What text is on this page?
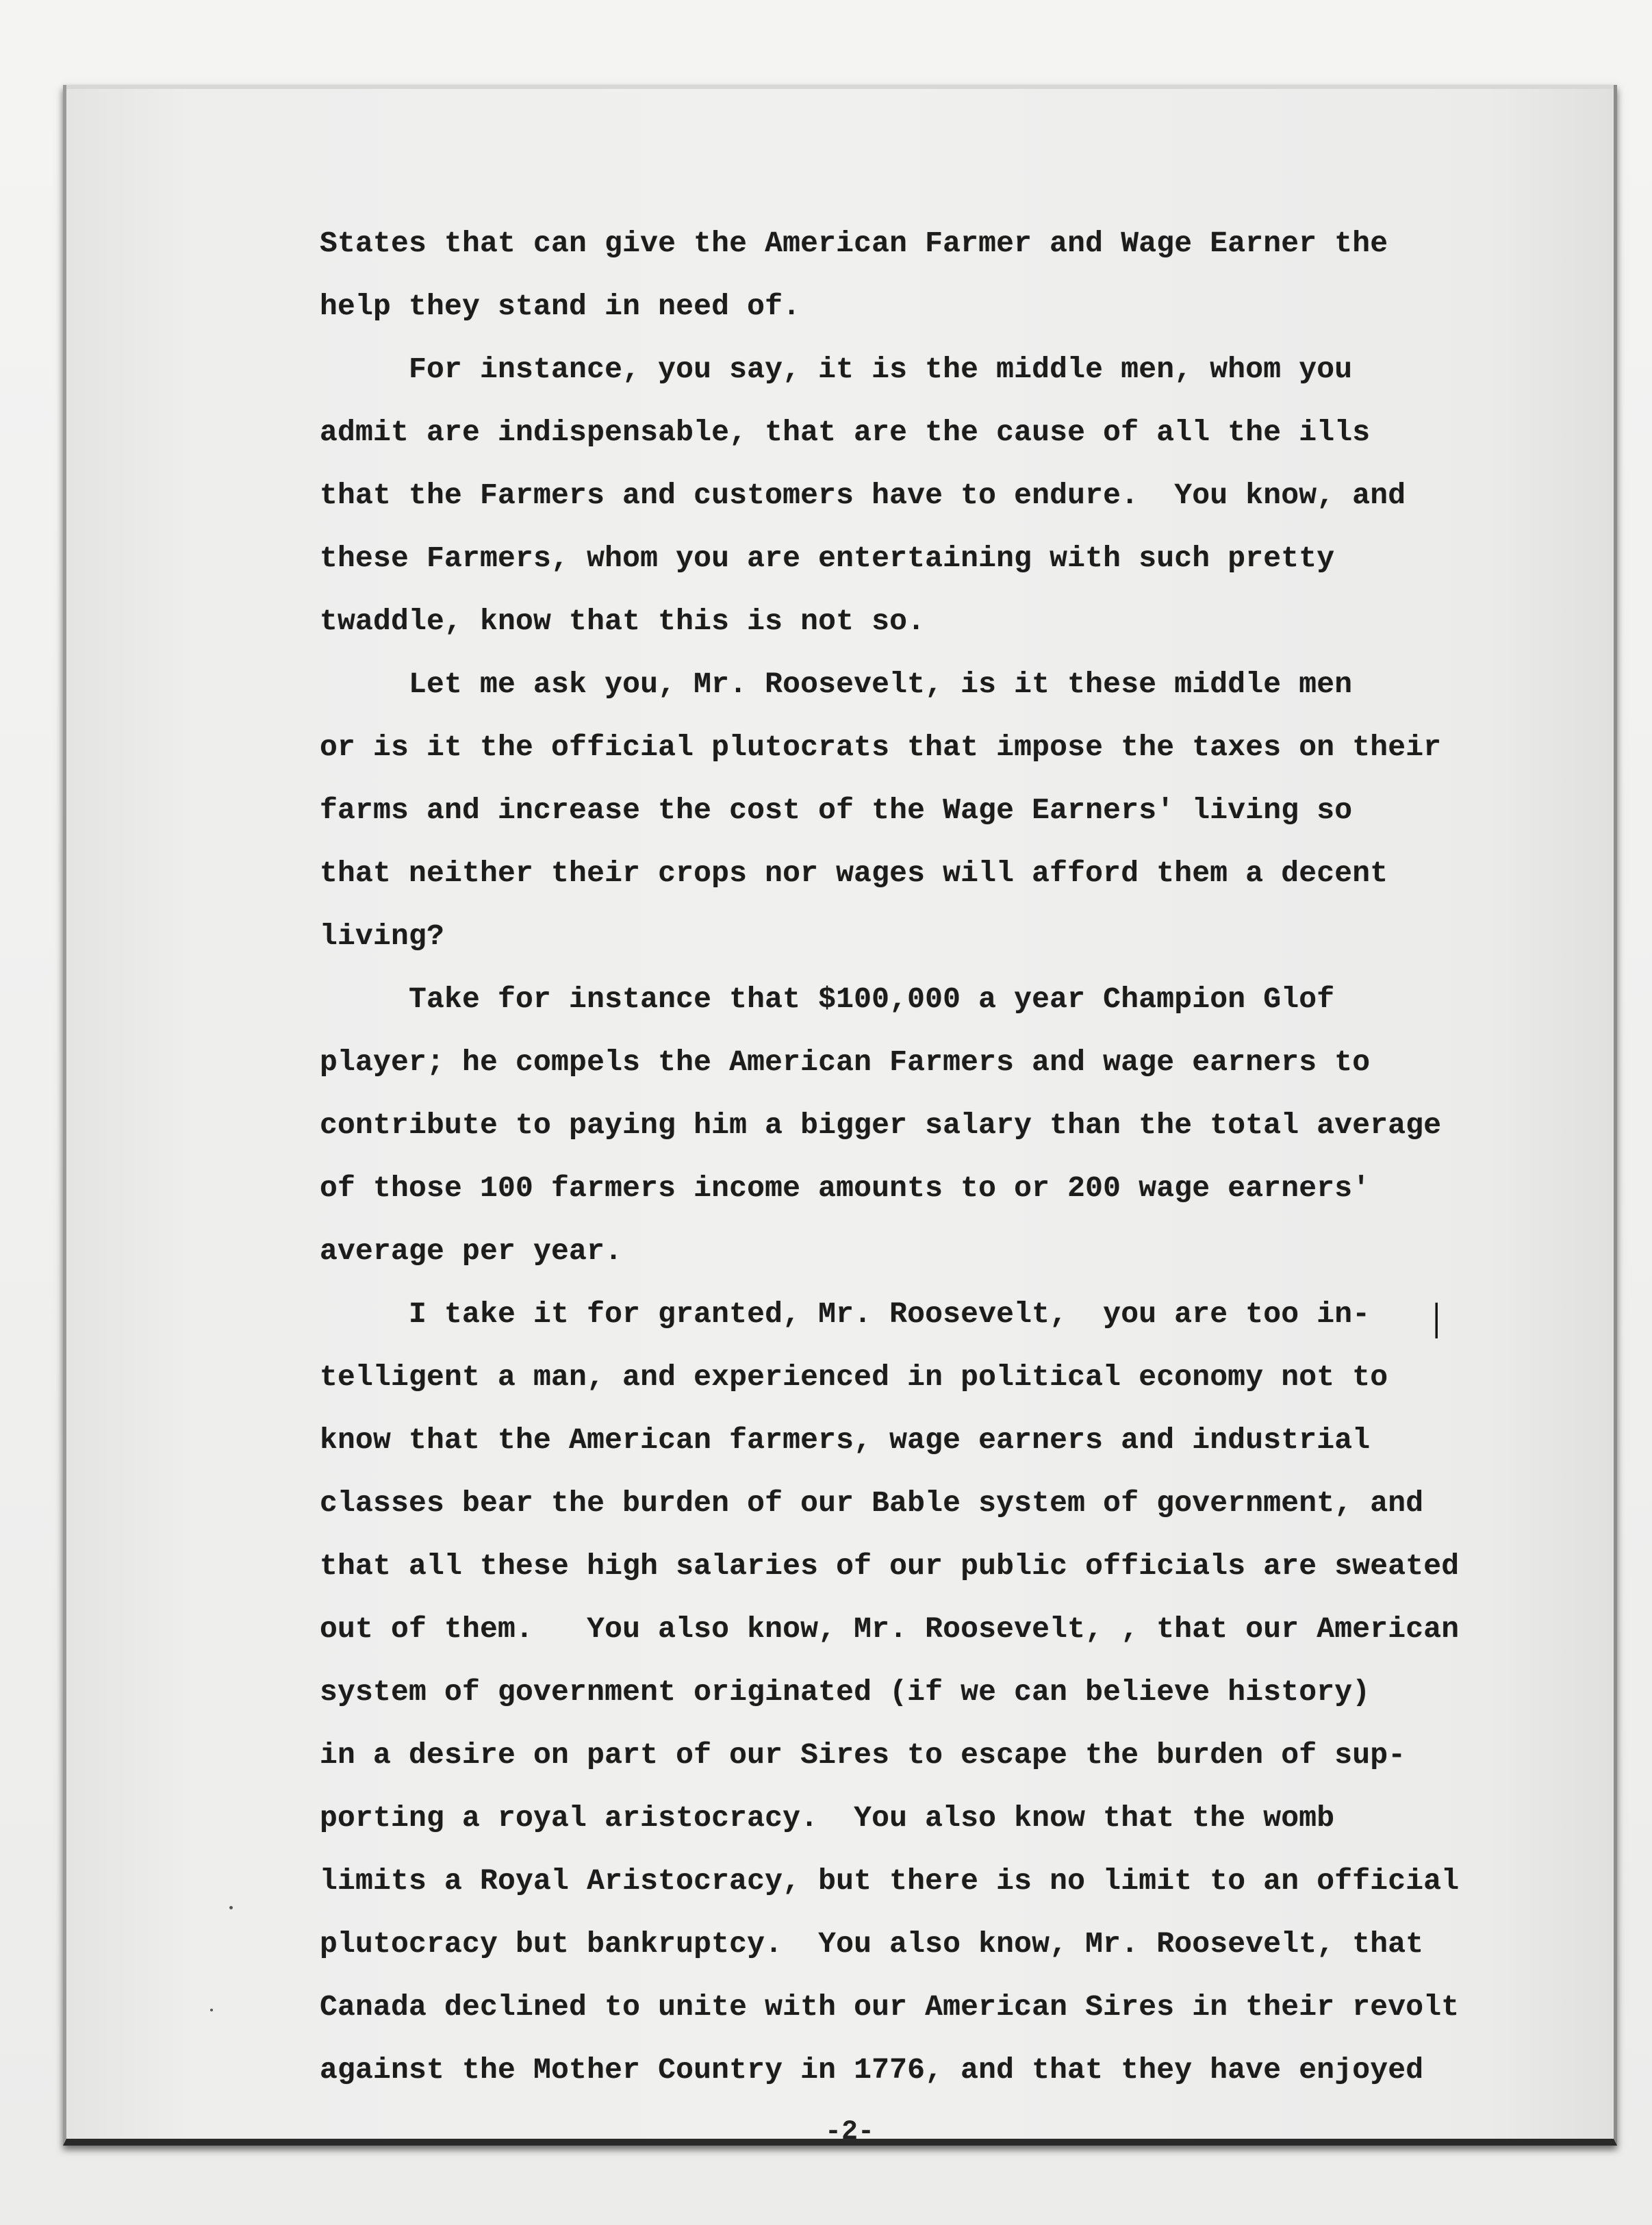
States that can give the American Farmer and Wage Earner the
help they stand in need of.
For instance, you say, it is the middle men, whom you
admit are indispensable, that are the cause of all the ills
that the Farmers and customers have to endure.  You know, and
these Farmers, whom you are entertaining with such pretty
twaddle, know that this is not so.
Let me ask you, Mr. Roosevelt, is it these middle men
or is it the official plutocrats that impose the taxes on their
farms and increase the cost of the Wage Earners' living so
that neither their crops nor wages will afford them a decent
living?
Take for instance that $100,000 a year Champion Glof
player; he compels the American Farmers and wage earners to
contribute to paying him a bigger salary than the total average
of those 100 farmers income amounts to or 200 wage earners'
average per year.
I take it for granted, Mr. Roosevelt,  you are too in-
telligent a man, and experienced in political economy not to
know that the American farmers, wage earners and industrial
classes bear the burden of our Bable system of government, and
that all these high salaries of our public officials are sweated
out of them.   You also know, Mr. Roosevelt, , that our American
system of government originated (if we can believe history)
in a desire on part of our Sires to escape the burden of sup-
porting a royal aristocracy.  You also know that the womb
limits a Royal Aristocracy, but there is no limit to an official
plutocracy but bankruptcy.  You also know, Mr. Roosevelt, that
Canada declined to unite with our American Sires in their revolt
against the Mother Country in 1776, and that they have enjoyed
│
-2-
